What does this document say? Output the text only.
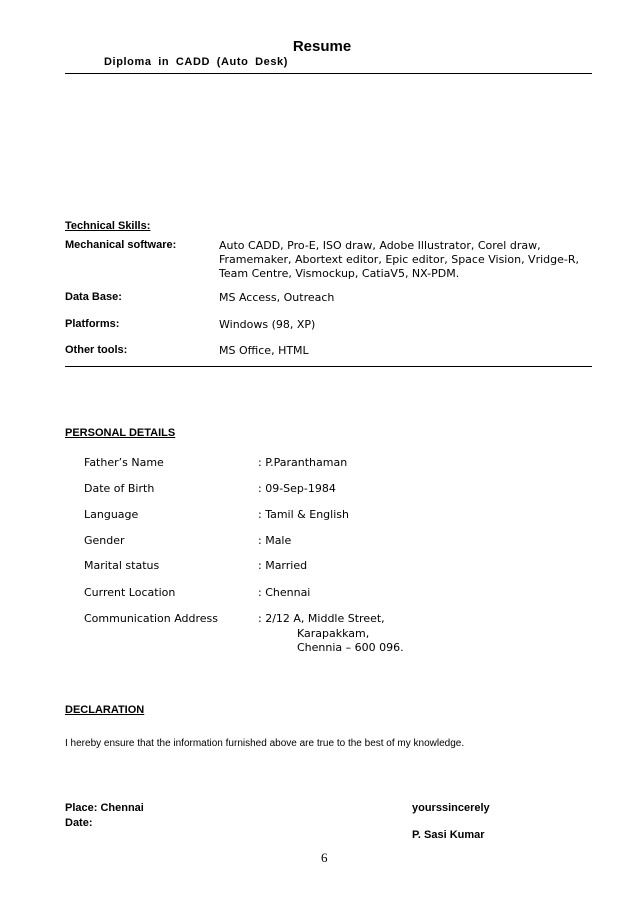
Resume
Diploma in CADD (Auto Desk)
Technical Skills:
Mechanical software:	Auto CADD, Pro-E, ISO draw, Adobe Illustrator, Corel draw,
Framemaker, Abortext editor, Epic editor, Space Vision, Vridge-R,
Team Centre, Vismockup, CatiaV5, NX-PDM.
Data Base:	MS Access, Outreach
Platforms:	Windows (98, XP)
Other tools:	MS Office, HTML
PERSONAL DETAILS
Father’s Name	: P.Paranthaman
Date of Birth	: 09-Sep-1984
Language	: Tamil & English
Gender	: Male
Marital status	: Married
Current Location	: Chennai
Communication Address	: 2/12 A, Middle Street,
Karapakkam,
Chennia – 600 096.
DECLARATION
I hereby ensure that the information furnished above are true to the best of my knowledge.
Place: Chennai
Date:
yourssincerely
P. Sasi Kumar
6
